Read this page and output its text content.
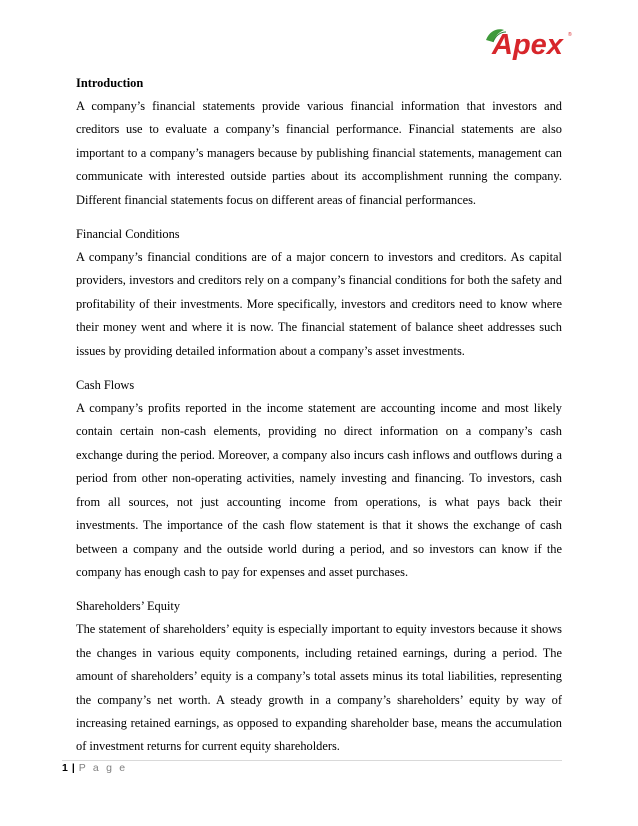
Apex	®

Introduction

A company’s financial statements provide various financial information that investors and creditors use to evaluate a company’s financial performance. Financial statements are also important to a company’s managers because by publishing financial statements, management can communicate with interested outside parties about its accomplishment running the company. Different financial statements focus on different areas of financial performances.

Financial Conditions

A company’s financial conditions are of a major concern to investors and creditors. As capital providers, investors and creditors rely on a company’s financial conditions for both the safety and profitability of their investments. More specifically, investors and creditors need to know where their money went and where it is now. The financial statement of balance sheet addresses such issues by providing detailed information about a company’s asset investments.

Cash Flows

A company’s profits reported in the income statement are accounting income and most likely contain certain non-cash elements, providing no direct information on a company’s cash exchange during the period. Moreover, a company also incurs cash inflows and outflows during a period from other non-operating activities, namely investing and financing. To investors, cash from all sources, not just accounting income from operations, is what pays back their investments. The importance of the cash flow statement is that it shows the exchange of cash between a company and the outside world during a period, and so investors can know if the company has enough cash to pay for expenses and asset purchases.

Shareholders’ Equity

The statement of shareholders’ equity is especially important to equity investors because it shows the changes in various equity components, including retained earnings, during a period. The amount of shareholders’ equity is a company’s total assets minus its total liabilities, representing the company’s net worth. A steady growth in a company’s shareholders’ equity by way of increasing retained earnings, as opposed to expanding shareholder base, means the accumulation of investment returns for current equity shareholders.

1 | P a g e
